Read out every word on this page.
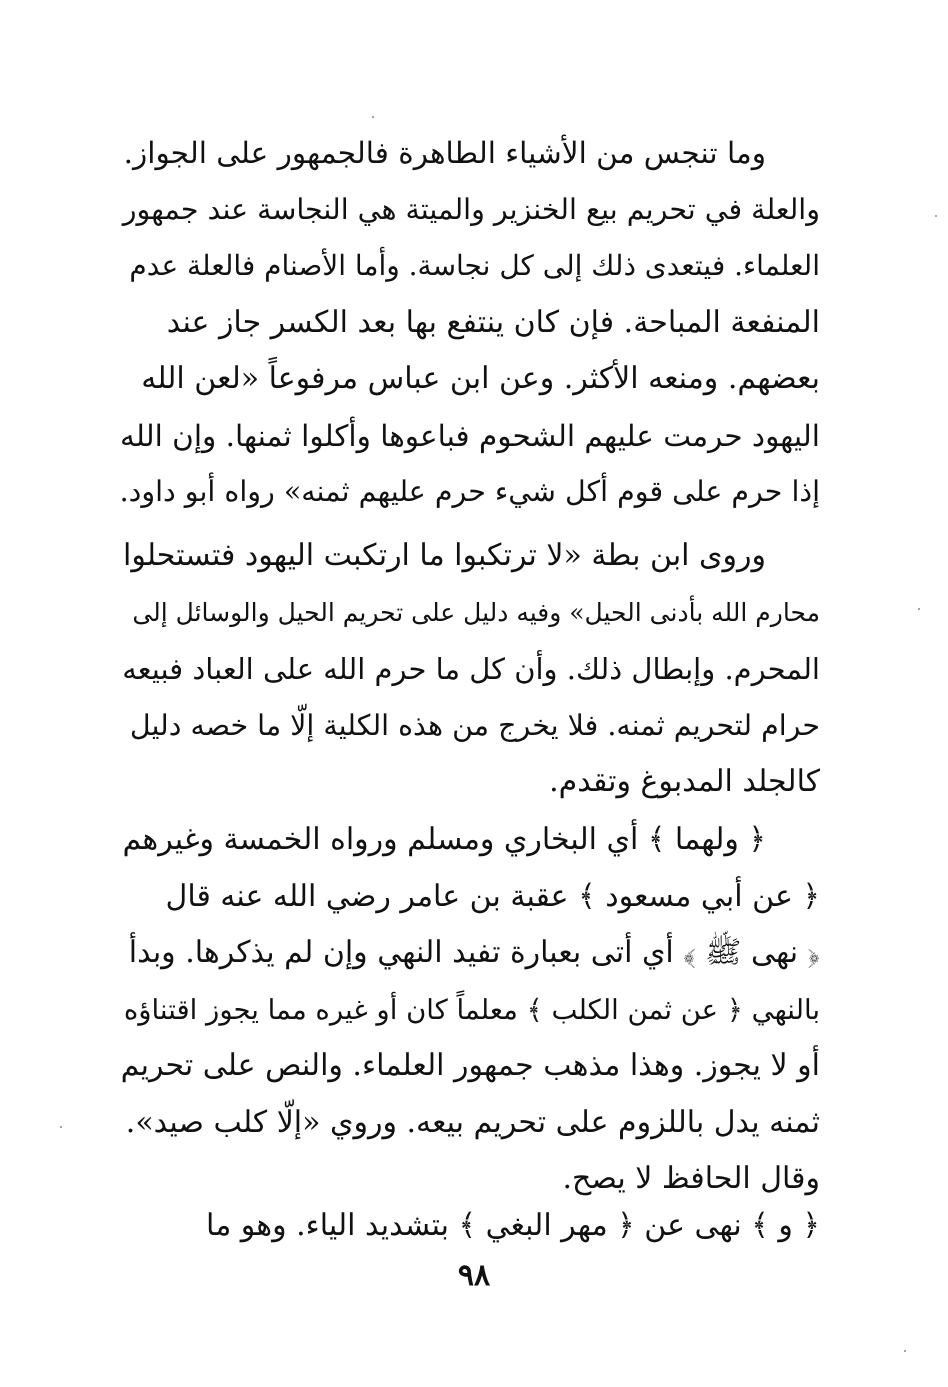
وما تنجس من الأشياء الطاهرة فالجمهور على الجواز.
والعلة في تحريم بيع الخنزير والميتة هي النجاسة عند جمهور
العلماء. فيتعدى ذلك إلى كل نجاسة. وأما الأصنام فالعلة عدم
المنفعة المباحة. فإن كان ينتفع بها بعد الكسر جاز عند
بعضهم. ومنعه الأكثر. وعن ابن عباس مرفوعاً «لعن الله
اليهود حرمت عليهم الشحوم فباعوها وأكلوا ثمنها. وإن الله
إذا حرم على قوم أكل شيء حرم عليهم ثمنه» رواه أبو داود.
وروى ابن بطة «لا ترتكبوا ما ارتكبت اليهود فتستحلوا
محارم الله بأدنى الحيل» وفيه دليل على تحريم الحيل والوسائل إلى
المحرم. وإبطال ذلك. وأن كل ما حرم الله على العباد فبيعه
حرام لتحريم ثمنه. فلا يخرج من هذه الكلية إلّا ما خصه دليل
كالجلد المدبوغ وتقدم.
﴿ ولهما ﴾ أي البخاري ومسلم ورواه الخمسة وغيرهم
﴿ عن أبي مسعود ﴾ عقبة بن عامر رضي الله عنه قال
﴿ نهى ﷺ ﴾ أي أتى بعبارة تفيد النهي وإن لم يذكرها. وبدأ
بالنهي ﴿ عن ثمن الكلب ﴾ معلماً كان أو غيره مما يجوز اقتناؤه
أو لا يجوز. وهذا مذهب جمهور العلماء. والنص على تحريم
ثمنه يدل باللزوم على تحريم بيعه. وروي «إلّا كلب صيد».
وقال الحافظ لا يصح.
﴿ و ﴾ نهى عن ﴿ مهر البغي ﴾ بتشديد الياء. وهو ما
٩٨
